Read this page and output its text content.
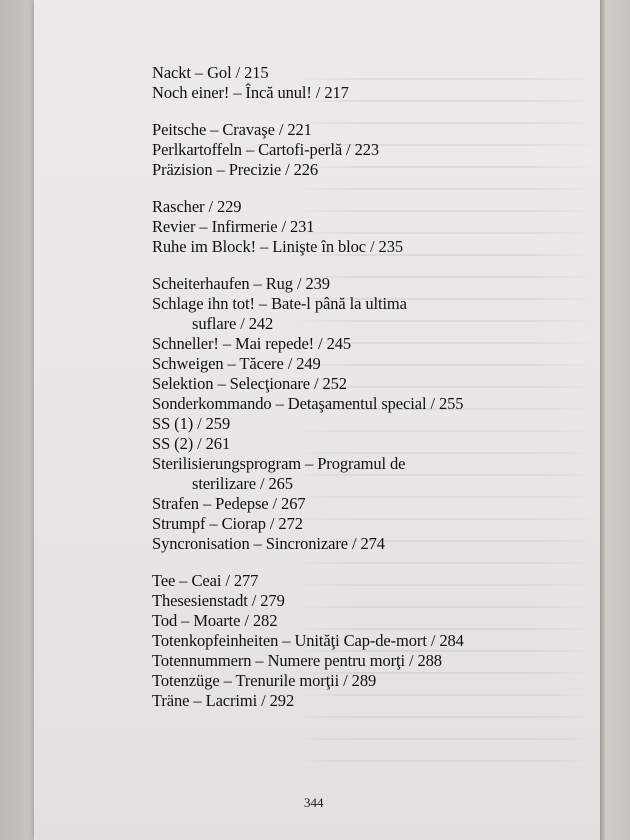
Nackt – Gol / 215
Noch einer! – Încă unul! / 217
Peitsche – Cravaşe / 221
Perlkartoffeln – Cartofi-perlă / 223
Präzision – Precizie / 226
Rascher / 229
Revier – Infirmerie / 231
Ruhe im Block! – Linişte în bloc / 235
Scheiterhaufen – Rug / 239
Schlage ihn tot! – Bate-l până la ultima
suflare / 242
Schneller! – Mai repede! / 245
Schweigen – Tăcere / 249
Selektion – Selecţionare / 252
Sonderkommando – Detaşamentul special / 255
SS (1) / 259
SS (2) / 261
Sterilisierungsprogram – Programul de
sterilizare / 265
Strafen – Pedepse / 267
Strumpf – Ciorap / 272
Syncronisation – Sincronizare / 274
Tee – Ceai / 277
Thesesienstadt / 279
Tod – Moarte / 282
Totenkopfeinheiten – Unităţi Cap-de-mort / 284
Totennummern – Numere pentru morţi / 288
Totenzüge – Trenurile morţii / 289
Träne – Lacrimi / 292
344
